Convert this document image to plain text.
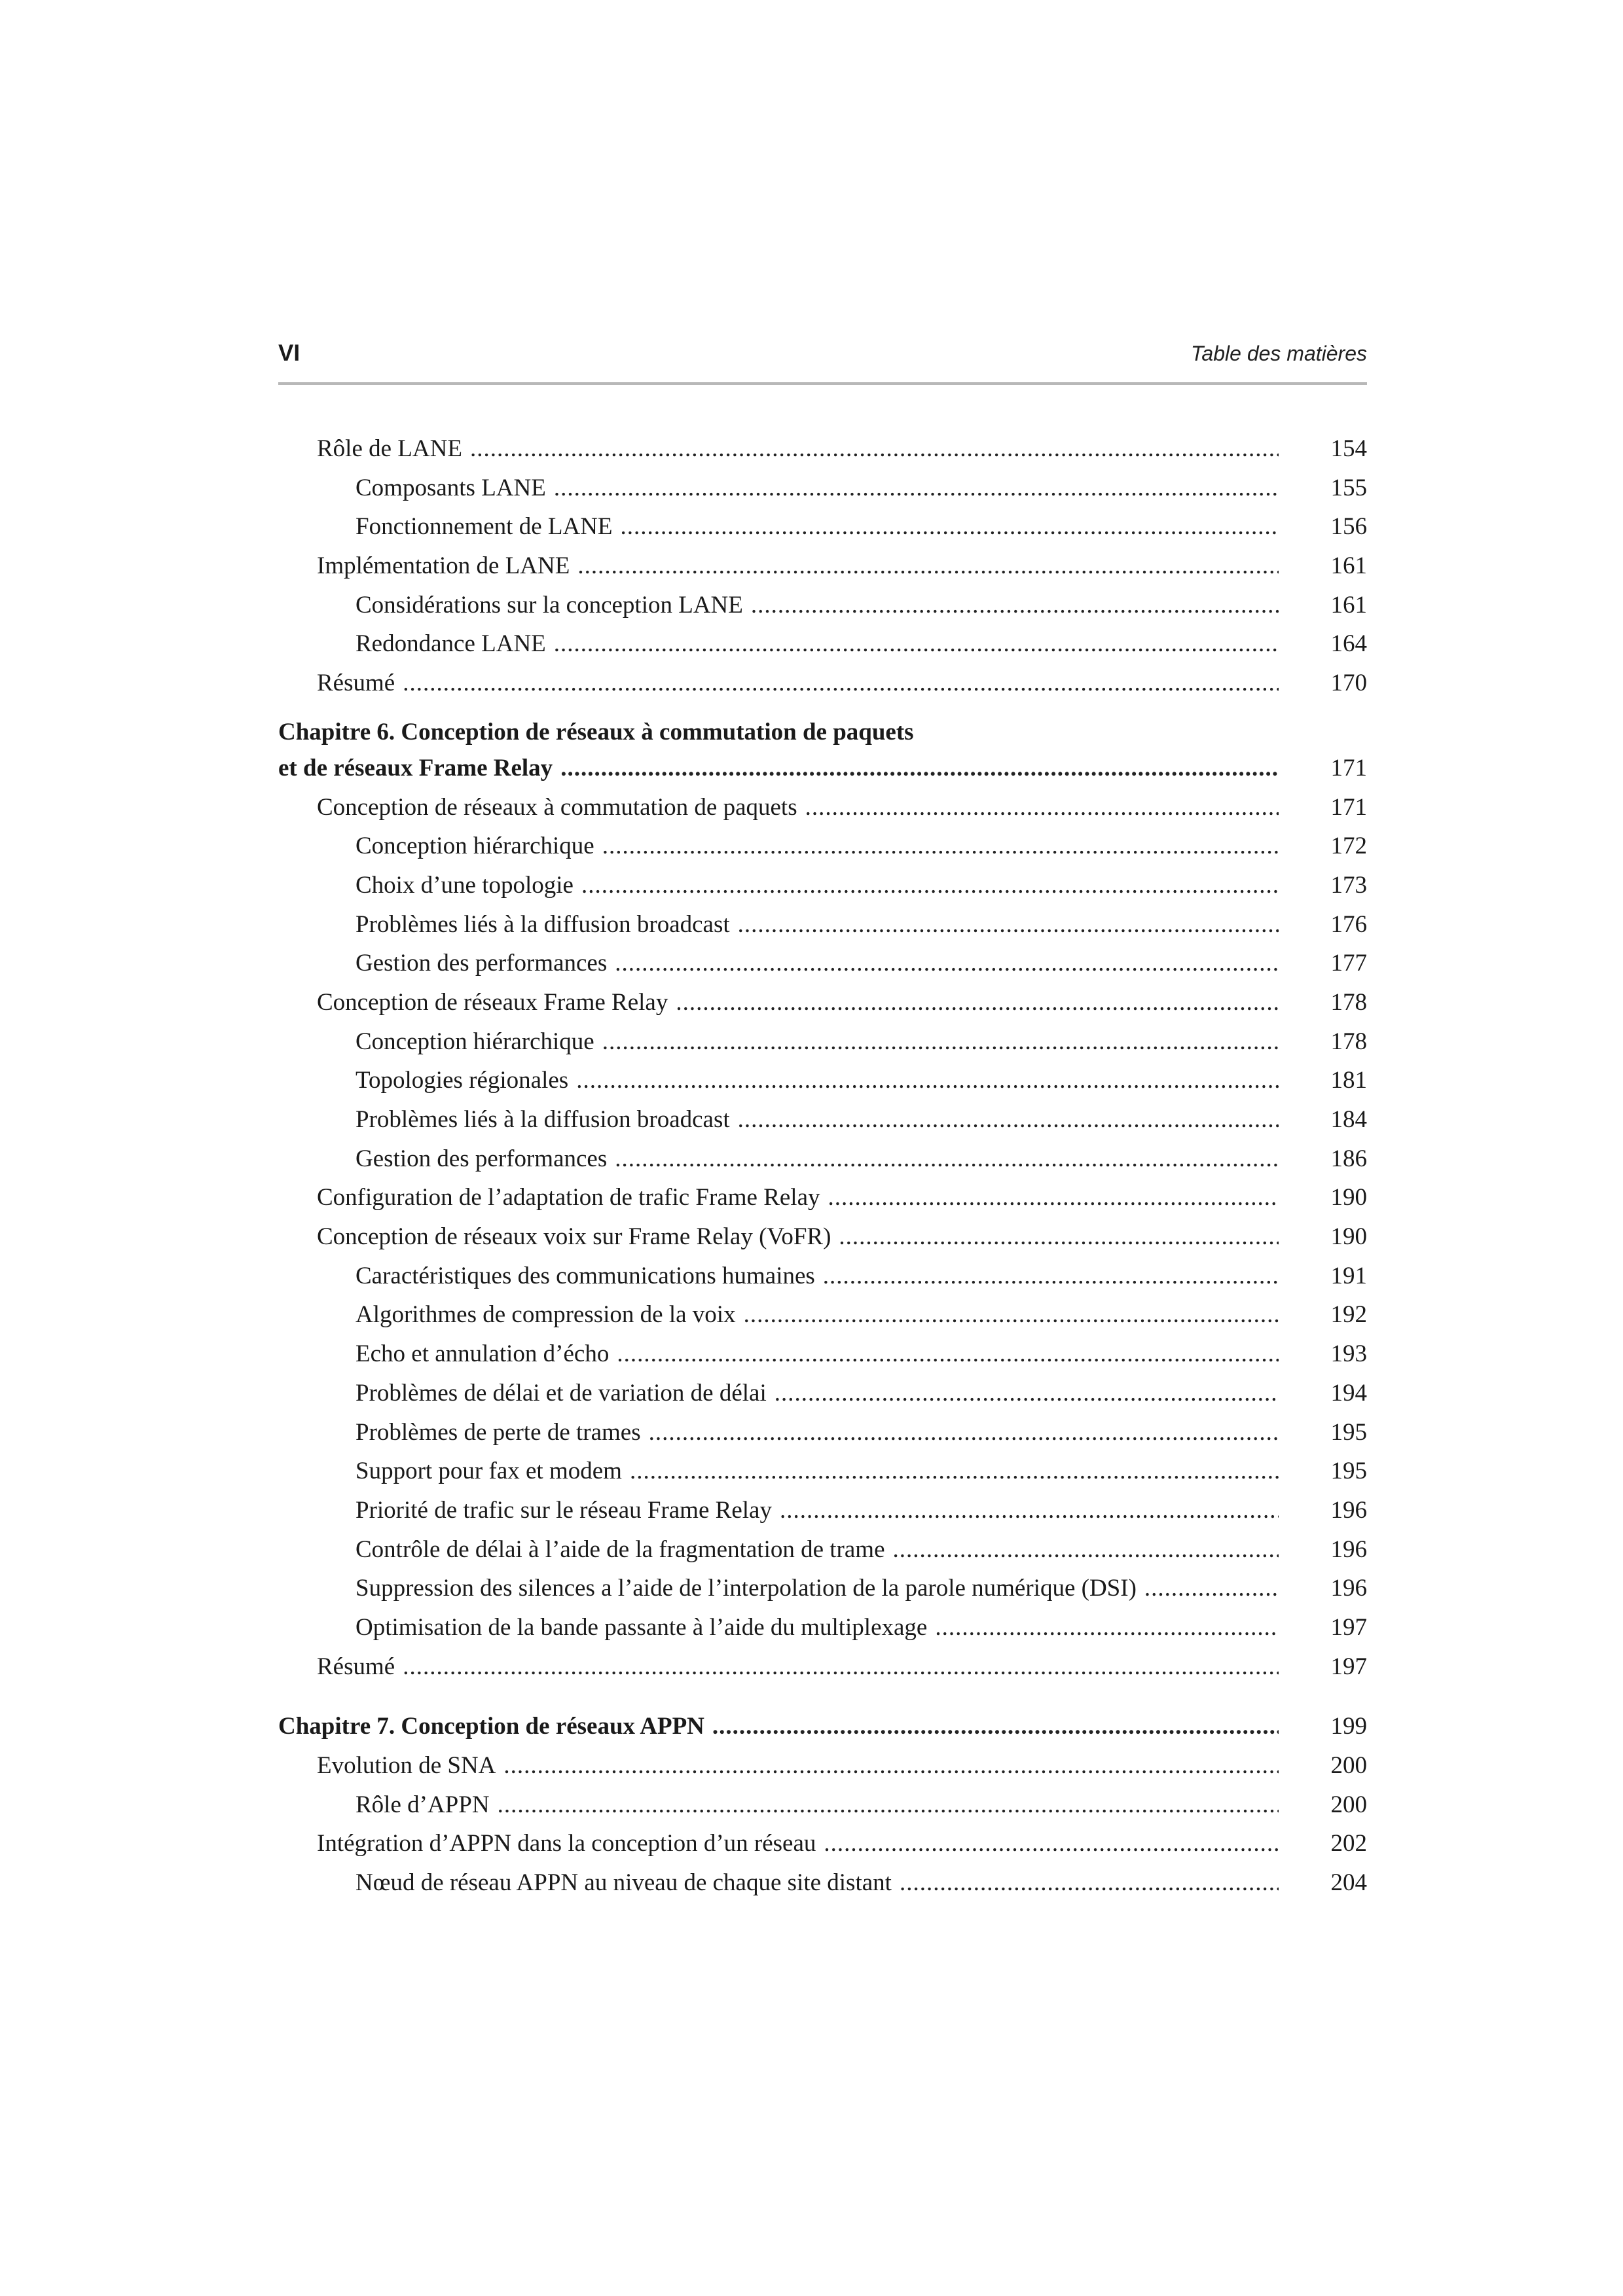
VI	Table des matières
Rôle de LANE .....	154
Composants LANE .....	155
Fonctionnement de LANE .....	156
Implémentation de LANE .....	161
Considérations sur la conception LANE .....	161
Redondance LANE .....	164
Résumé .....	170
Chapitre 6. Conception de réseaux à commutation de paquets
et de réseaux Frame Relay .....	171
Conception de réseaux à commutation de paquets .....	171
Conception hiérarchique .....	172
Choix d’une topologie .....	173
Problèmes liés à la diffusion broadcast .....	176
Gestion des performances .....	177
Conception de réseaux Frame Relay .....	178
Conception hiérarchique .....	178
Topologies régionales .....	181
Problèmes liés à la diffusion broadcast .....	184
Gestion des performances .....	186
Configuration de l’adaptation de trafic Frame Relay .....	190
Conception de réseaux voix sur Frame Relay (VoFR) .....	190
Caractéristiques des communications humaines .....	191
Algorithmes de compression de la voix .....	192
Echo et annulation d’écho .....	193
Problèmes de délai et de variation de délai .....	194
Problèmes de perte de trames .....	195
Support pour fax et modem .....	195
Priorité de trafic sur le réseau Frame Relay .....	196
Contrôle de délai à l’aide de la fragmentation de trame .....	196
Suppression des silences a l’aide de l’interpolation de la parole numérique (DSI) .....	196
Optimisation de la bande passante à l’aide du multiplexage .....	197
Résumé .....	197
Chapitre 7. Conception de réseaux APPN .....	199
Evolution de SNA .....	200
Rôle d’APPN .....	200
Intégration d’APPN dans la conception d’un réseau .....	202
Nœud de réseau APPN au niveau de chaque site distant .....	204
